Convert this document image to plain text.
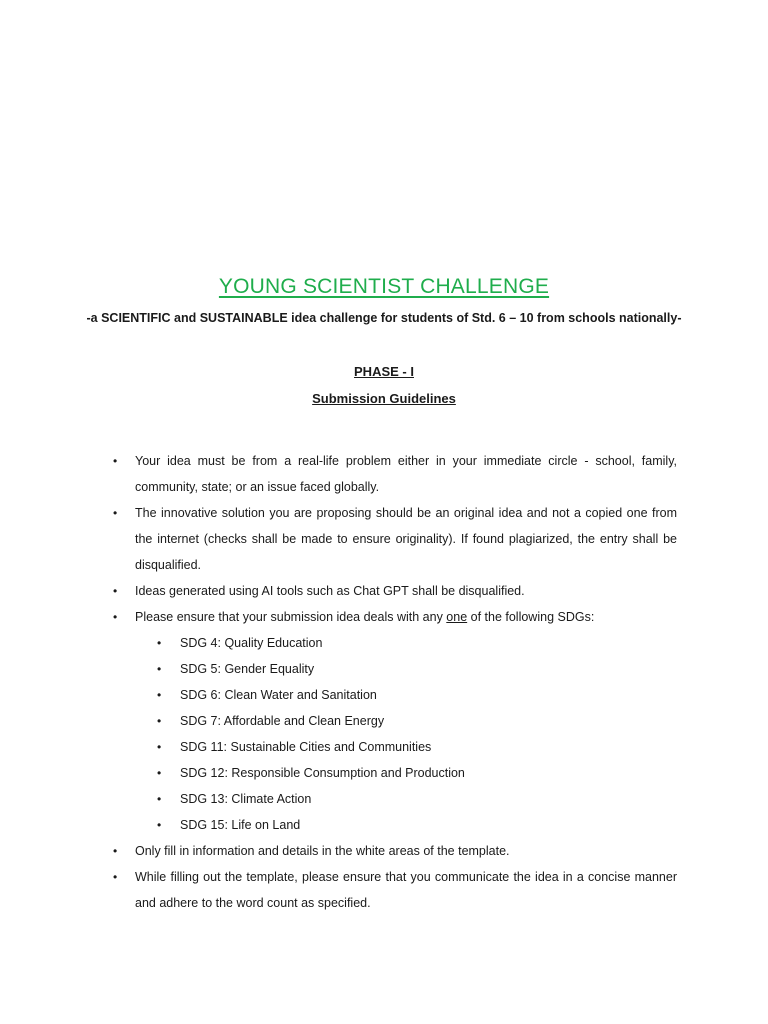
YOUNG SCIENTIST CHALLENGE
-a SCIENTIFIC and SUSTAINABLE idea challenge for students of Std. 6 – 10 from schools nationally-
PHASE - I
Submission Guidelines
• Your idea must be from a real-life problem either in your immediate circle - school, family, community, state; or an issue faced globally.
• The innovative solution you are proposing should be an original idea and not a copied one from the internet (checks shall be made to ensure originality). If found plagiarized, the entry shall be disqualified.
• Ideas generated using AI tools such as Chat GPT shall be disqualified.
• Please ensure that your submission idea deals with any one of the following SDGs:
• SDG 4: Quality Education
• SDG 5: Gender Equality
• SDG 6: Clean Water and Sanitation
• SDG 7: Affordable and Clean Energy
• SDG 11: Sustainable Cities and Communities
• SDG 12: Responsible Consumption and Production
• SDG 13: Climate Action
• SDG 15: Life on Land
• Only fill in information and details in the white areas of the template.
• While filling out the template, please ensure that you communicate the idea in a concise manner and adhere to the word count as specified.
